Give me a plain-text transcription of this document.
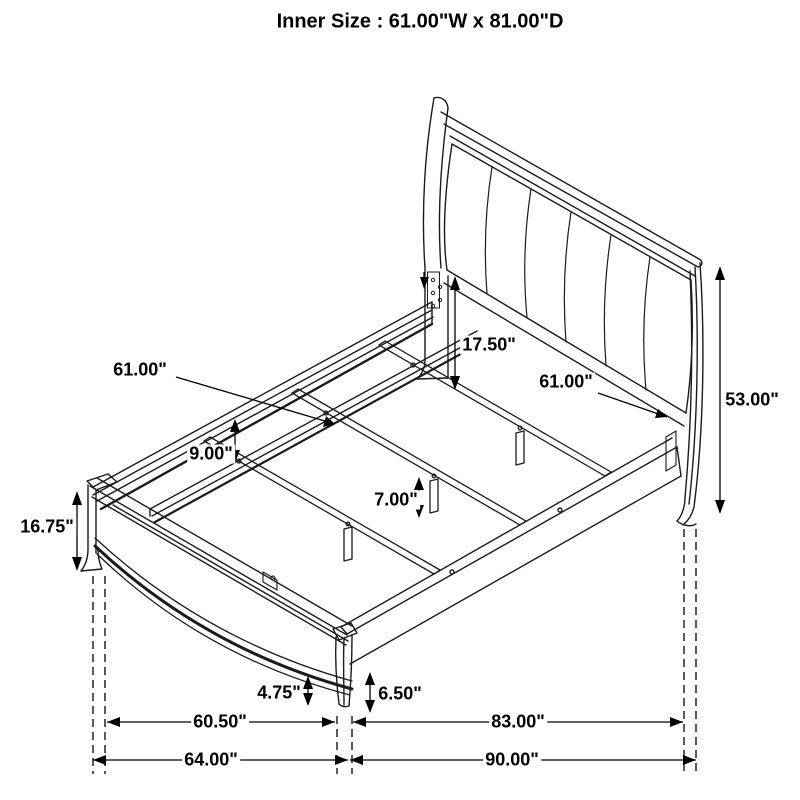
Inner Size : 61.00"W x 81.00"D
17.50"
61.00"
61.00"
53.00"
9.00"
7.00"
16.75"
4.75"	6.50"
60.50"	83.00"
64.00"	90.00"
